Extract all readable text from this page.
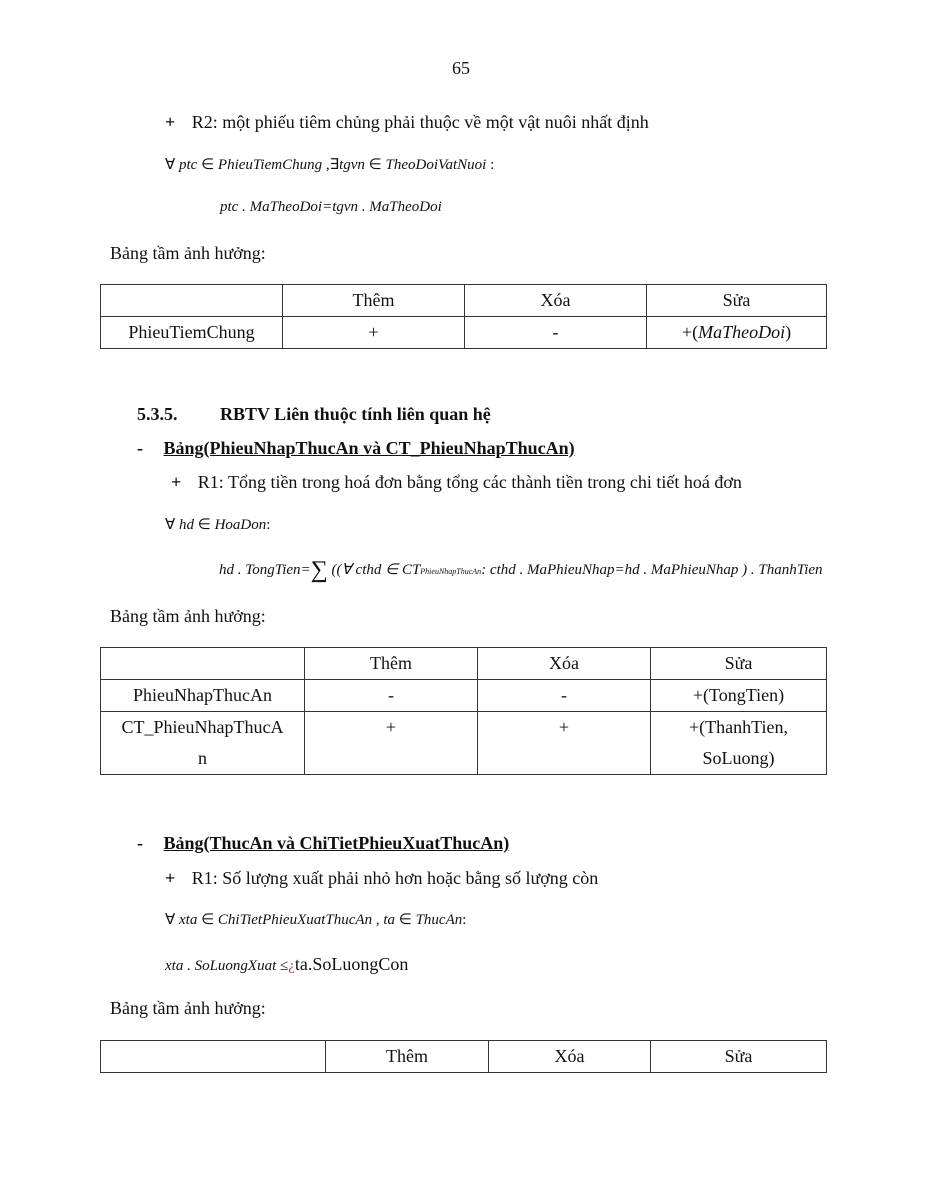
65
+ R2: một phiếu tiêm chủng phải thuộc về một vật nuôi nhất định
∀ ptc ∈ PhieuTiemChung ,∃tgvn ∈ TheoDoiVatNuoi :
ptc . MaTheoDoi=tgvn . MaTheoDoi
Bảng tầm ảnh hưởng:
	Thêm	Xóa	Sửa
PhieuTiemChung	+	-	+(MaTheoDoi)
5.3.5. RBTV Liên thuộc tính liên quan hệ
- Bảng(PhieuNhapThucAn và CT_PhieuNhapThucAn)
+ R1: Tổng tiền trong hoá đơn bằng tổng các thành tiền trong chi tiết hoá đơn
∀ hd ∈ HoaDon:
hd . TongTien=∑ ((∀ cthd ∈ CTPhieuNhapThucAn: cthd . MaPhieuNhap=hd . MaPhieuNhap ) . ThanhTien
Bảng tầm ảnh hưởng:
	Thêm	Xóa	Sửa
PhieuNhapThucAn	-	-	+(TongTien)
CT_PhieuNhapThucA	+	+	+(ThanhTien,
n			SoLuong)
- Bảng(ThucAn và ChiTietPhieuXuatThucAn)
+ R1: Số lượng xuất phải nhỏ hơn hoặc bằng số lượng còn
∀ xta ∈ ChiTietPhieuXuatThucAn , ta ∈ ThucAn:
xta . SoLuongXuat ≤¿ta.SoLuongCon
Bảng tầm ảnh hưởng:
	Thêm	Xóa	Sửa
